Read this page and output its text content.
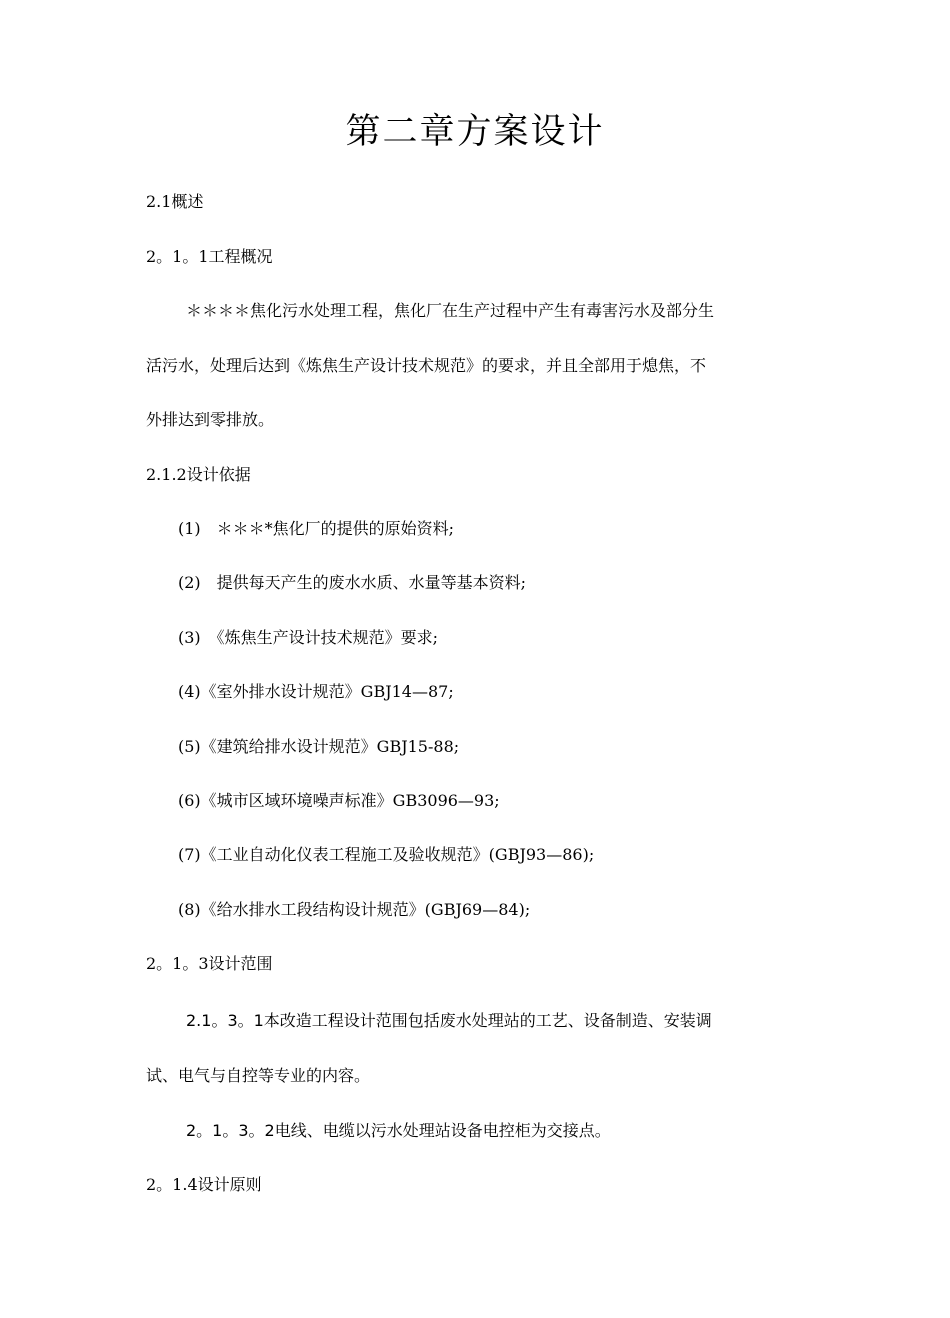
第二章方案设计
2.1概述
2。1。1工程概况
＊＊＊＊焦化污水处理工程，焦化厂在生产过程中产生有毒害污水及部分生
活污水，处理后达到《炼焦生产设计技术规范》的要求，并且全部用于熄焦，不
外排达到零排放。
2.1.2设计依据
(1)　＊＊＊*焦化厂的提供的原始资料;
(2)　提供每天产生的废水水质、水量等基本资料;
(3)　《炼焦生产设计技术规范》要求;
(4)《室外排水设计规范》GBJ14—87;
(5)《建筑给排水设计规范》GBJ15-88;
(6)《城市区域环境噪声标准》GB3096—93;
(7)《工业自动化仪表工程施工及验收规范》(GBJ93—86);
(8)《给水排水工段结构设计规范》(GBJ69—84);
2。1。3设计范围
2.1。3。1本改造工程设计范围包括废水处理站的工艺、设备制造、安装调
试、电气与自控等专业的内容。
2。1。3。2电线、电缆以污水处理站设备电控柜为交接点。
2。1.4设计原则
